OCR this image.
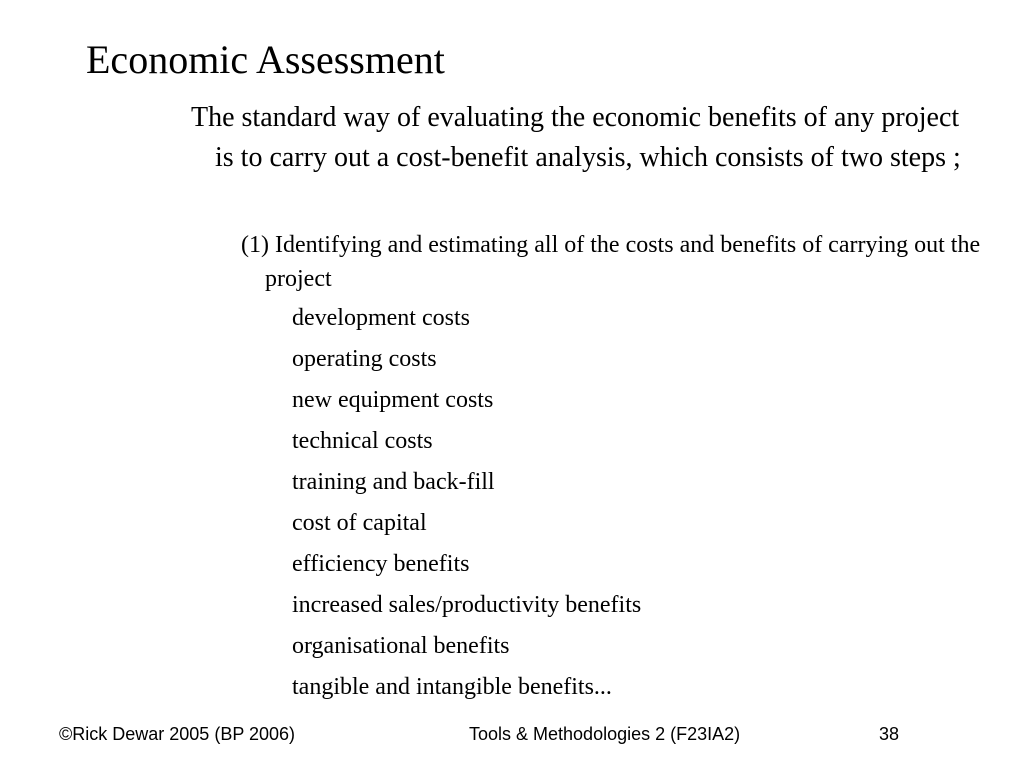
Economic Assessment
The standard way of evaluating the economic benefits of any project is to carry out a cost-benefit analysis, which consists of two steps ;
(1) Identifying and estimating all of the costs and benefits of carrying out the project
development costs
operating costs
new equipment costs
technical costs
training and back-fill
cost of capital
efficiency benefits
increased sales/productivity benefits
organisational benefits
tangible and intangible benefits...
©Rick Dewar 2005 (BP 2006)	Tools & Methodologies 2 (F23IA2)	38
